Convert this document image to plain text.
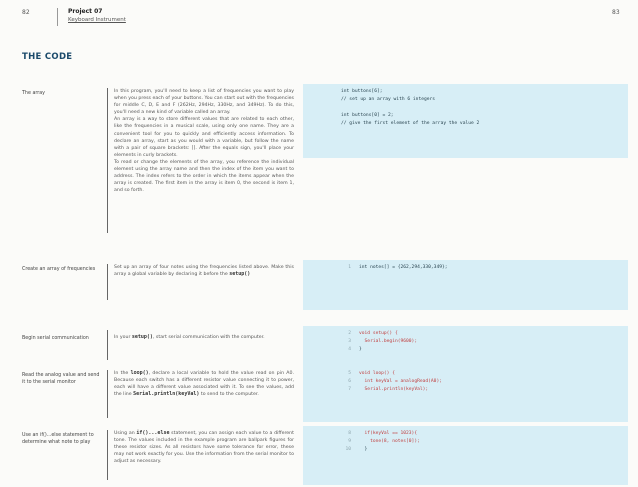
82	83
Project 07
Keyboard Instrument
THE CODE
The array	In this program, you'll need to keep a list of frequencies you want to play when you press each of your buttons. You can start out with the frequencies for middle C, D, E and F (262Hz, 294Hz, 330Hz, and 349Hz). To do this, you'll need a new kind of variable called an array.
An array is a way to store different values that are related to each other, like the frequencies in a musical scale, using only one name. They are a convenient tool for you to quickly and efficiently access information. To declare an array, start as you would with a variable, but follow the name with a pair of square brackets: []. After the equals sign, you'll place your elements in curly brackets.
To read or change the elements of the array, you reference the individual element using the array name and then the index of the item you want to address. The index refers to the order in which the items appear when the array is created. The first item in the array is item 0, the second is item 1, and so forth.
int buttons[6];
// set up an array with 6 integers
int buttons[0] = 2;
// give the first element of the array the value 2
Create an array of frequencies	Set up an array of four notes using the frequencies listed above. Make this array a global variable by declaring it before the setup()
1 int notes[] = {262,294,330,349};
Begin serial communication	In your setup(), start serial communication with the computer.
2 void setup() {
3  Serial.begin(9600);
4 }
Read the analog value and send it to the serial monitor
In the loop(), declare a local variable to hold the value read on pin A0. Because each switch has a different resistor value connecting it to power, each will have a different value associated with it. To see the values, add the line Serial.println(keyVal) to send to the computer.
5 void loop() {
6  int keyVal = analogRead(A0);
7  Serial.println(keyVal);
Use an if()...else statement to determine what note to play
Using an if()...else statement, you can assign each value to a different tone. The values included in the example program are ballpark figures for these resistor sizes. As all resistors have some tolerance for error, these may not work exactly for you. Use the information from the serial monitor to adjust as necessary.
8  if(keyVal == 1023){
9    tone(8, notes[0]);
10  }
